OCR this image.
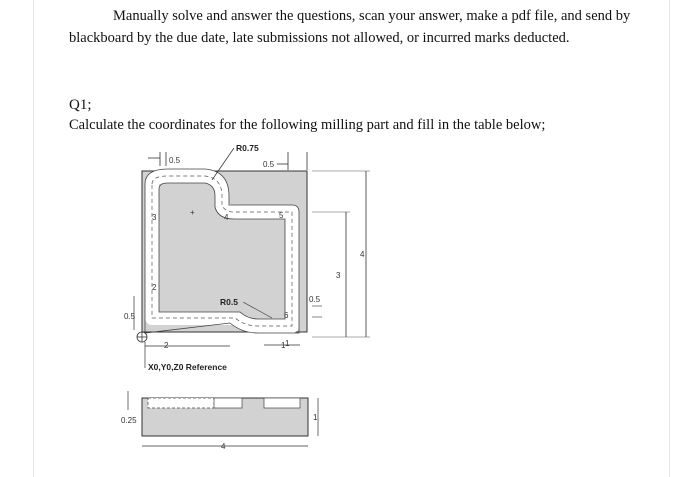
Manually solve and answer the questions, scan your answer, make a pdf file, and send by
blackboard by the due date, late submissions not allowed, or incurred marks deducted.
Q1;
Calculate the coordinates for the following milling part and fill in the table below;
+
1
2
3	4	5
6
0.5
R0.75
0.5
4
3
0.5
1
R0.5
0.5
2
X0,Y0,Z0 Reference
0.25
4
1
